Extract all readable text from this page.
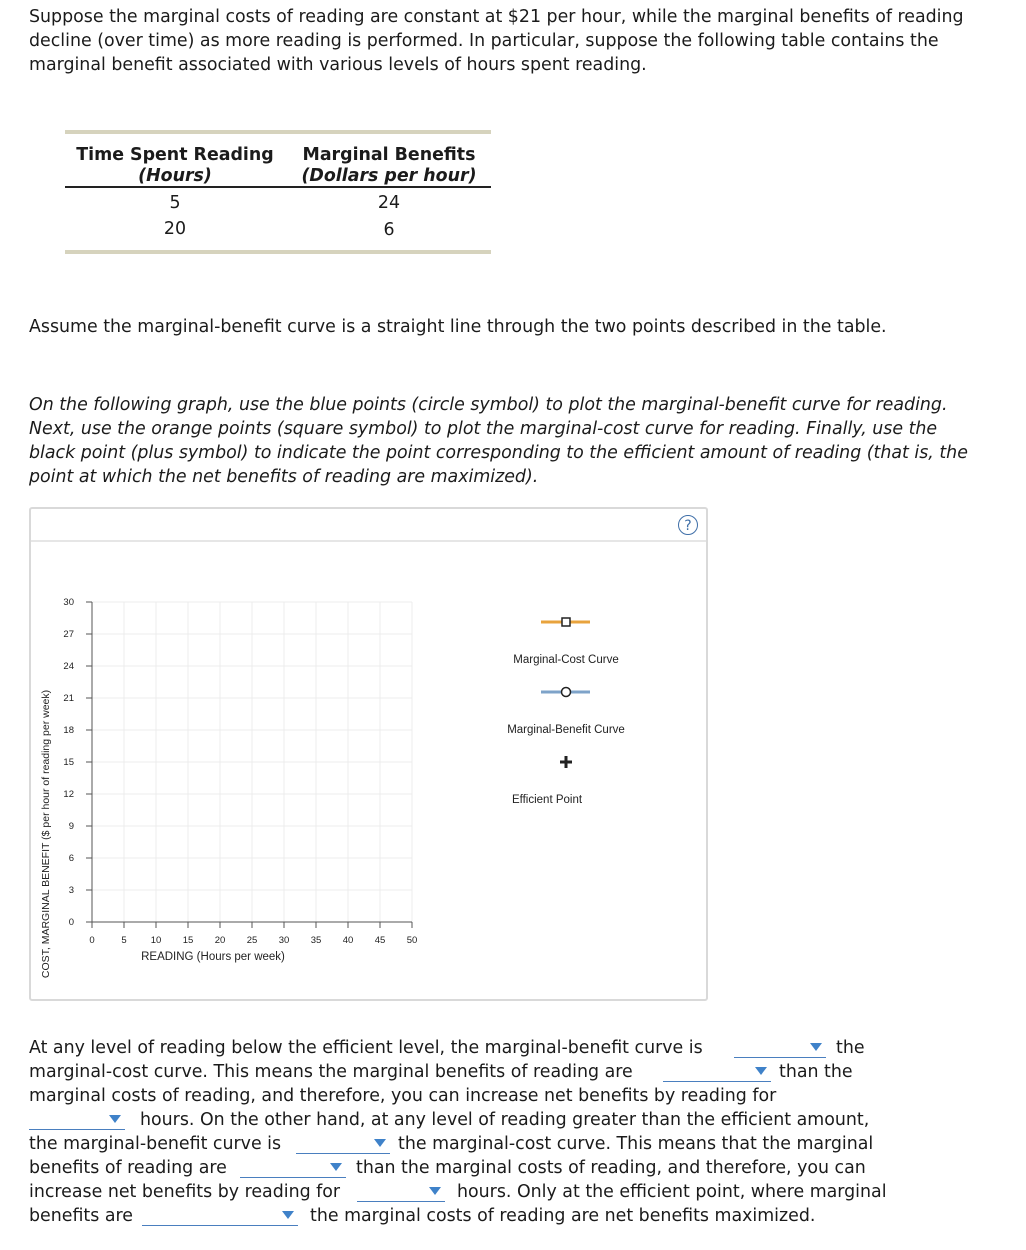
Suppose the marginal costs of reading are constant at $21 per hour, while the marginal benefits of reading decline (over time) as more reading is performed. In particular, suppose the following table contains the marginal benefit associated with various levels of hours spent reading.

Time Spent Reading
(Hours)
Marginal Benefits
(Dollars per hour)
5	24
20	6

Assume the marginal-benefit curve is a straight line through the two points described in the table.

On the following graph, use the blue points (circle symbol) to plot the marginal-benefit curve for reading. Next, use the orange points (square symbol) to plot the marginal-cost curve for reading. Finally, use the black point (plus symbol) to indicate the point corresponding to the efficient amount of reading (that is, the point at which the net benefits of reading are maximized).

?
0	5	10 15 20 25 30 35 40 45 50
0
3
6
9
12
15
18
21
24
27
30
COST, MARGINAL BENEFIT ($ per hour of reading per week)	READING (Hours per week)
Marginal-Cost Curve
Marginal-Benefit Curve
Efficient Point
At any level of reading below the efficient level, the marginal-benefit curve is	the
marginal-cost curve. This means the marginal benefits of reading are	than the
marginal costs of reading, and therefore, you can increase net benefits by reading for
hours. On the other hand, at any level of reading greater than the efficient amount,
the marginal-benefit curve is	the marginal-cost curve. This means that the marginal
benefits of reading are	than the marginal costs of reading, and therefore, you can
increase net benefits by reading for	hours. Only at the efficient point, where marginal
benefits are	the marginal costs of reading are net benefits maximized.
